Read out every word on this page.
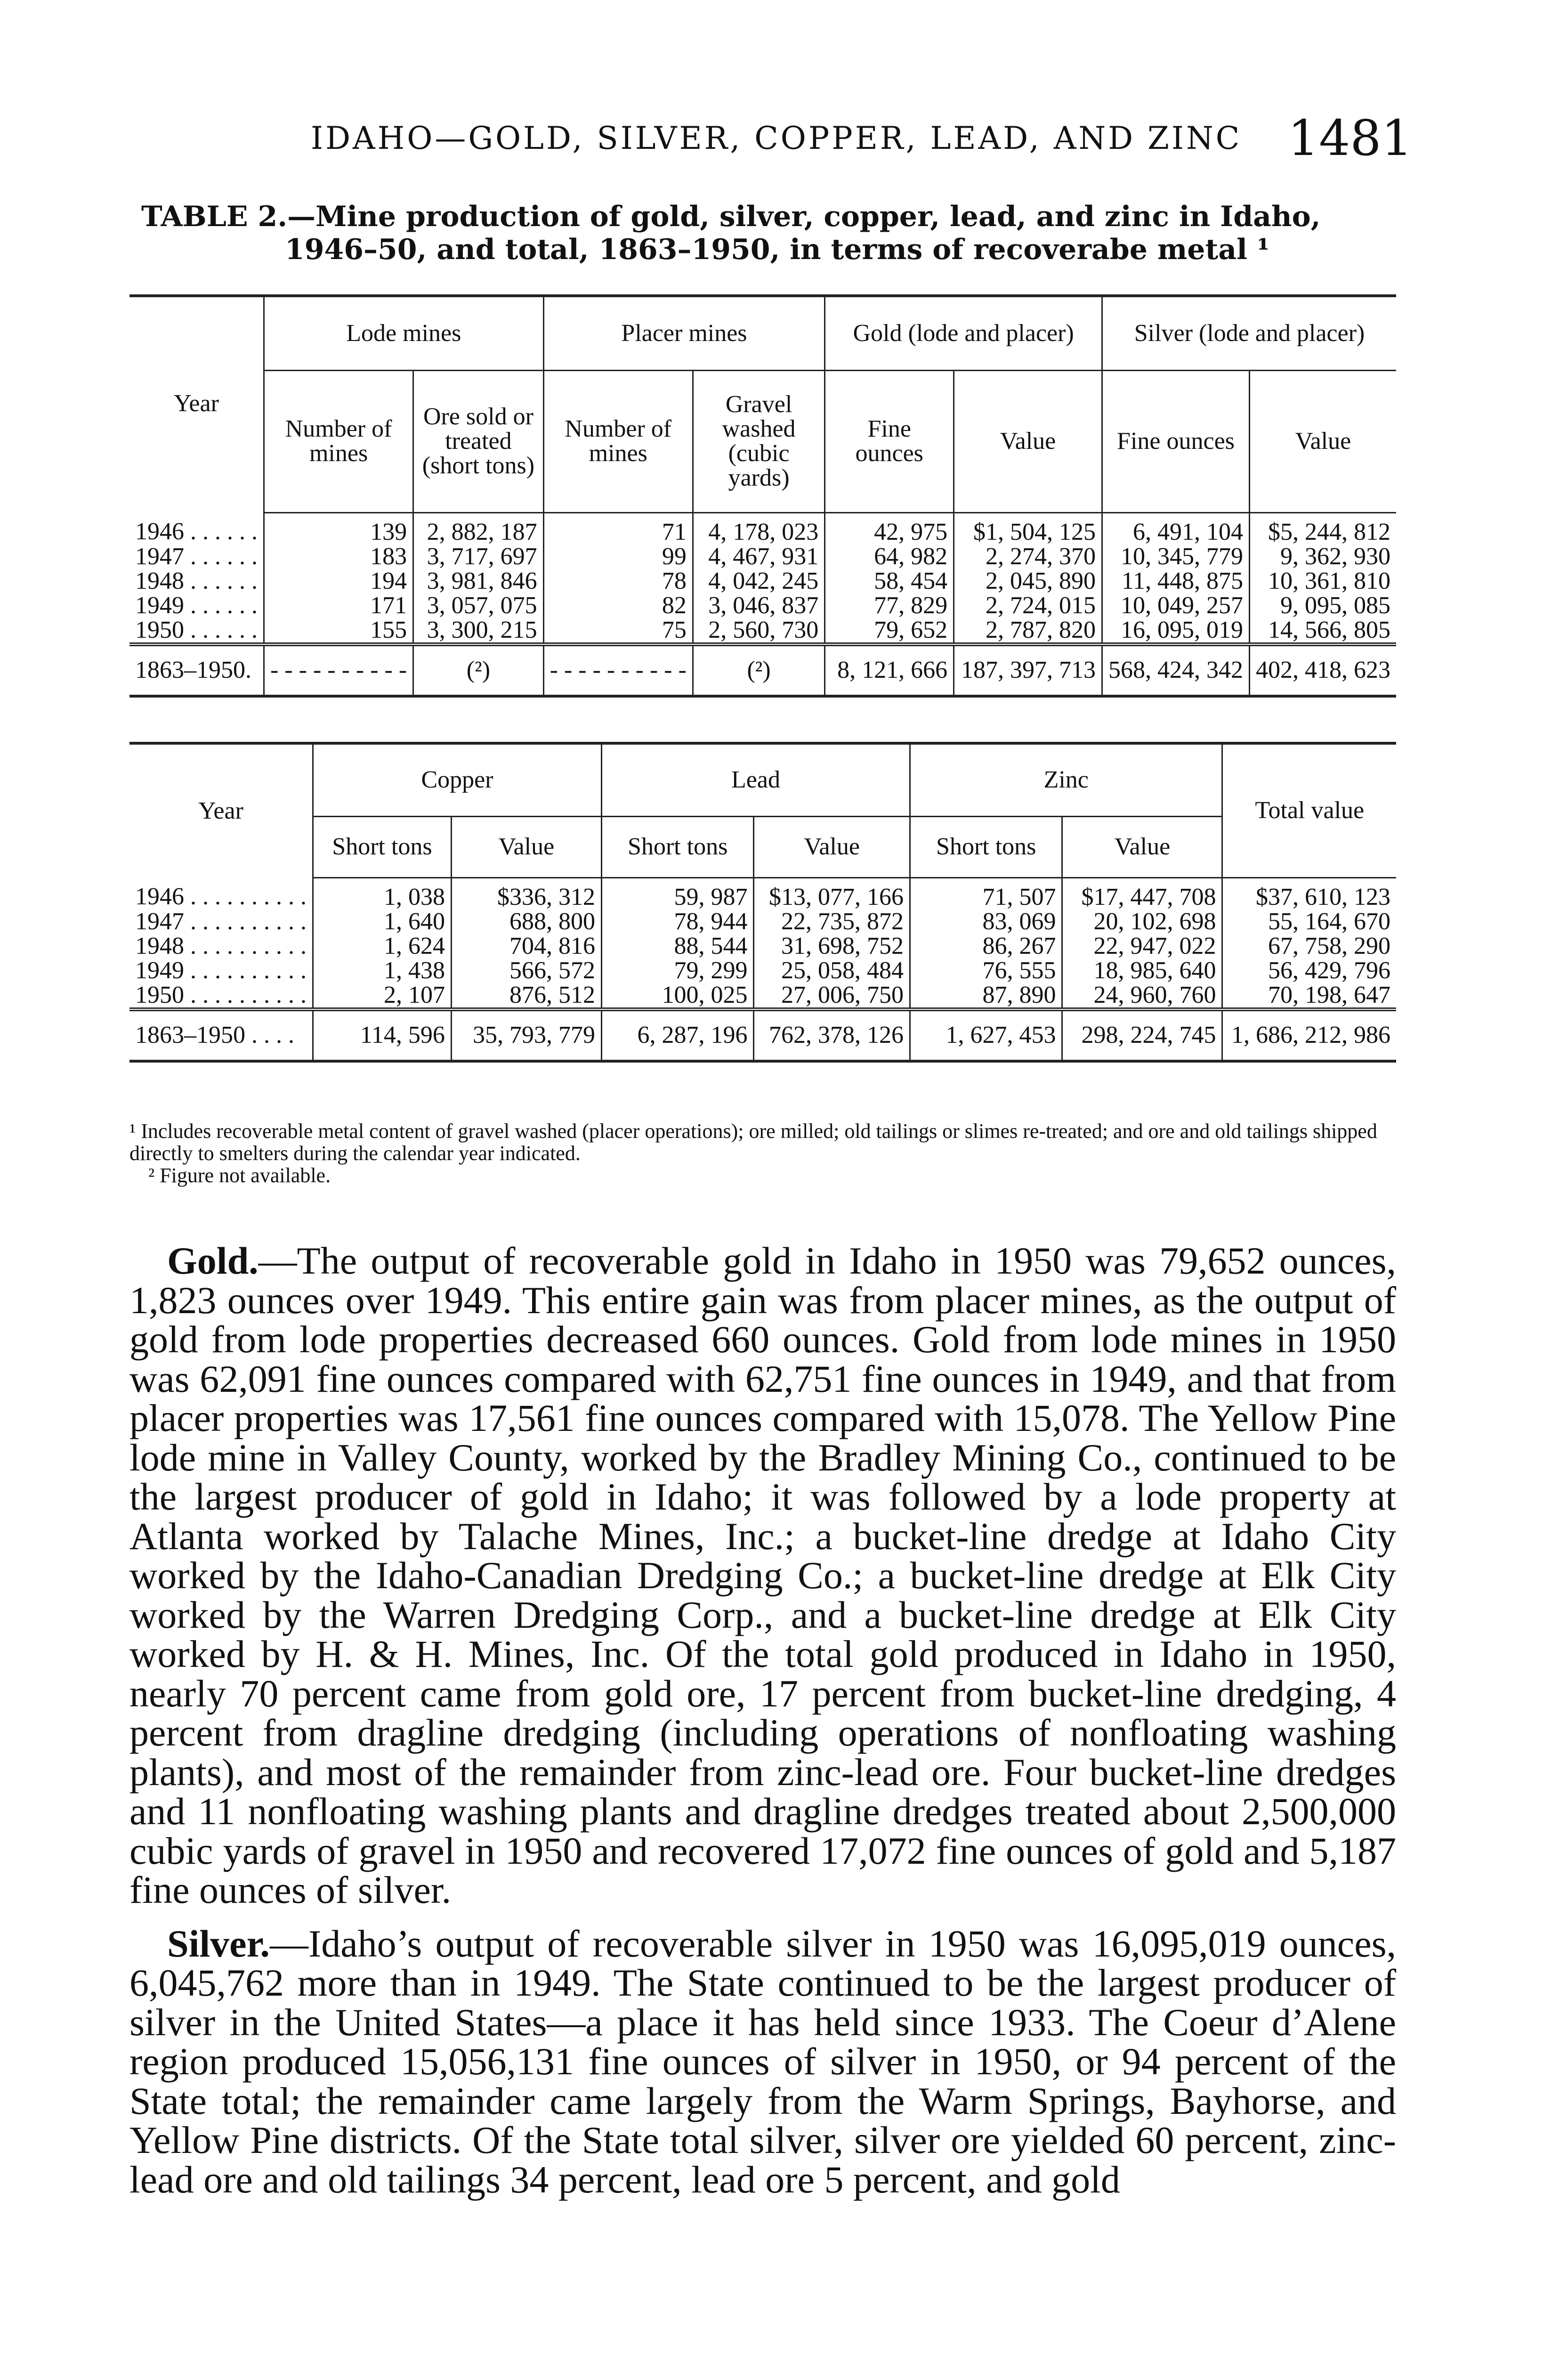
IDAHO—GOLD, SILVER, COPPER, LEAD, AND ZINC 1481
TABLE 2.—Mine production of gold, silver, copper, lead, and zinc in Idaho,
1946–50, and total, 1863–1950, in terms of recoverabe metal ¹
Year	Lode mines		Placer mines		Gold (lode and placer)		Silver (lode and placer)	
	Number of mines	Ore sold or treated (short tons)	Number of mines	Gravel washed (cubic yards)	Fine ounces	Value	Fine ounces	Value
1946 . . . . . .	139	2, 882, 187	71	4, 178, 023	42, 975	$1, 504, 125	6, 491, 104	$5, 244, 812
1947 . . . . . .	183	3, 717, 697	99	4, 467, 931	64, 982	2, 274, 370	10, 345, 779	9, 362, 930
1948 . . . . . .	194	3, 981, 846	78	4, 042, 245	58, 454	2, 045, 890	11, 448, 875	10, 361, 810
1949 . . . . . .	171	3, 057, 075	82	3, 046, 837	77, 829	2, 724, 015	10, 049, 257	9, 095, 085
1950 . . . . . .	155	3, 300, 215	75	2, 560, 730	79, 652	2, 787, 820	16, 095, 019	14, 566, 805
1863–1950.	- - - - - - - - - -	(²)	- - - - - - - - - -	(²)	8, 121, 666	187, 397, 713	568, 424, 342	402, 418, 623
Year	Copper		Lead		Zinc		Total value
	Short tons	Value	Short tons	Value	Short tons	Value	
1946 . . . . . . . . . .	1, 038	$336, 312	59, 987	$13, 077, 166	71, 507	$17, 447, 708	$37, 610, 123
1947 . . . . . . . . . .	1, 640	688, 800	78, 944	22, 735, 872	83, 069	20, 102, 698	55, 164, 670
1948 . . . . . . . . . .	1, 624	704, 816	88, 544	31, 698, 752	86, 267	22, 947, 022	67, 758, 290
1949 . . . . . . . . . .	1, 438	566, 572	79, 299	25, 058, 484	76, 555	18, 985, 640	56, 429, 796
1950 . . . . . . . . . .	2, 107	876, 512	100, 025	27, 006, 750	87, 890	24, 960, 760	70, 198, 647
1863–1950 . . . .	114, 596	35, 793, 779	6, 287, 196	762, 378, 126	1, 627, 453	298, 224, 745	1, 686, 212, 986

¹ Includes recoverable metal content of gravel washed (placer operations); ore milled; old tailings or slimes re-treated; and ore and old tailings shipped directly to smelters during the calendar year indicated.

² Figure not available.

Gold.—The output of recoverable gold in Idaho in 1950 was 79,652 ounces, 1,823 ounces over 1949. This entire gain was from placer mines, as the output of gold from lode properties decreased 660 ounces. Gold from lode mines in 1950 was 62,091 fine ounces compared with 62,751 fine ounces in 1949, and that from placer properties was 17,561 fine ounces compared with 15,078. The Yellow Pine lode mine in Valley County, worked by the Bradley Mining Co., continued to be the largest producer of gold in Idaho; it was followed by a lode property at Atlanta worked by Talache Mines, Inc.; a bucket-line dredge at Idaho City worked by the Idaho-Canadian Dredging Co.; a bucket-line dredge at Elk City worked by the Warren Dredging Corp., and a bucket-line dredge at Elk City worked by H. & H. Mines, Inc. Of the total gold produced in Idaho in 1950, nearly 70 percent came from gold ore, 17 percent from bucket-line dredging, 4 percent from dragline dredging (including operations of nonfloating washing plants), and most of the remainder from zinc-lead ore. Four bucket-line dredges and 11 nonfloating washing plants and dragline dredges treated about 2,500,000 cubic yards of gravel in 1950 and recovered 17,072 fine ounces of gold and 5,187 fine ounces of silver.

Silver.—Idaho’s output of recoverable silver in 1950 was 16,095,019 ounces, 6,045,762 more than in 1949. The State continued to be the largest producer of silver in the United States—a place it has held since 1933. The Coeur d’Alene region produced 15,056,131 fine ounces of silver in 1950, or 94 percent of the State total; the remainder came largely from the Warm Springs, Bayhorse, and Yellow Pine districts. Of the State total silver, silver ore yielded 60 percent, zinc-lead ore and old tailings 34 percent, lead ore 5 percent, and gold
